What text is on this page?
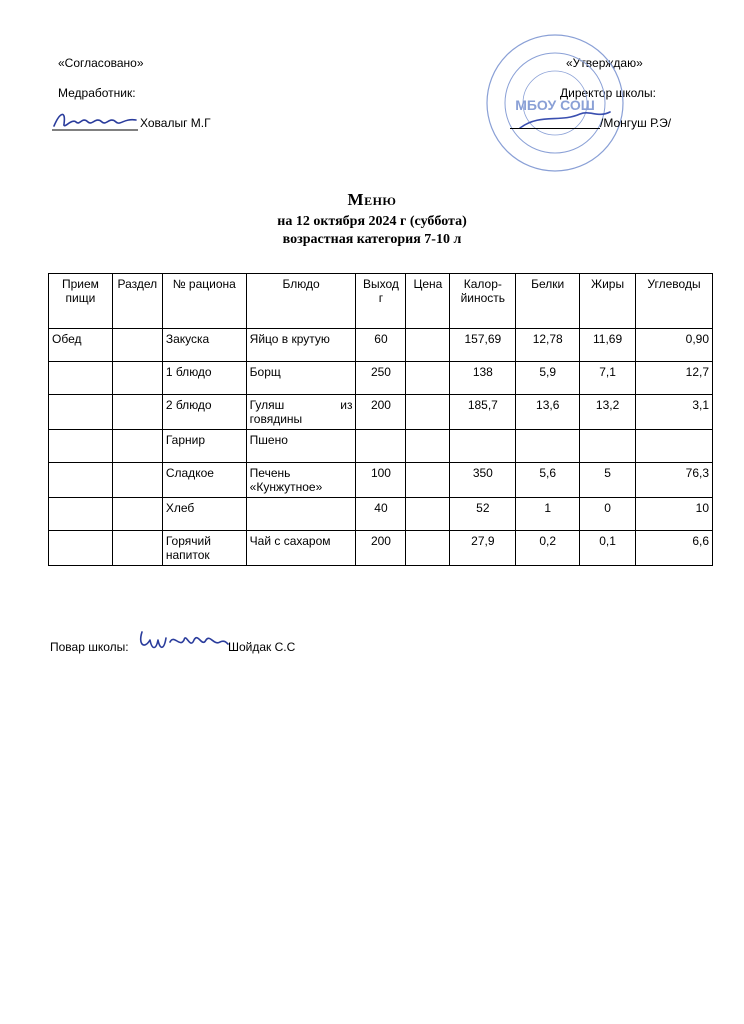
«Согласовано»
Медработник:
Ховалыг М.Г
«Утверждаю»
Директор школы:
МБОУ СОШ
/Монгуш Р.Э/
Меню
на 12 октября 2024 г (суббота)
возрастная категория 7-10 л
Прием пищи	Раздел	№ рациона	Блюдо	Выход г	Цена	Калор-йиность	Белки	Жиры	Углеводы
Обед		Закуска	Яйцо в крутую	60		157,69	12,78	11,69	0,90
		1 блюдо	Борщ	250		138	5,9	7,1	12,7
		2 блюдо	Гуляш из говядины	200		185,7	13,6	13,2	3,1
		Гарнир	Пшено						
		Сладкое	Печень «Кунжутное»	100		350	5,6	5	76,3
		Хлеб		40		52	1	0	10
		Горячий напиток	Чай с сахаром	200		27,9	0,2	0,1	6,6
Повар школы:	Шойдак С.С
